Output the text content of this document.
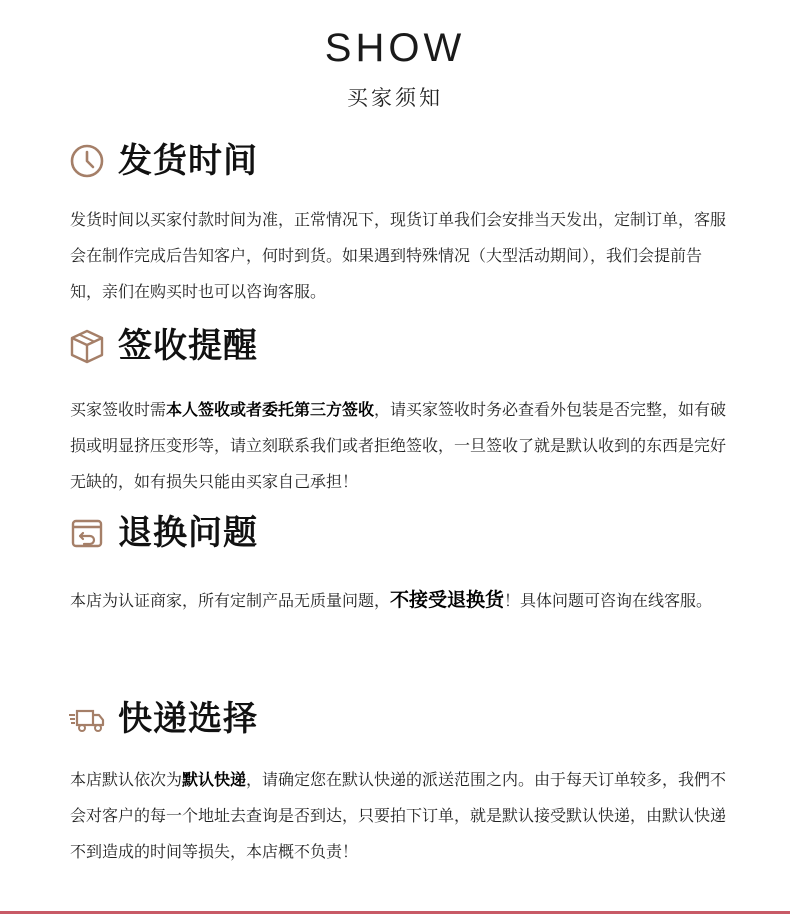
SHOW
买家须知
发货时间

发货时间以买家付款时间为准，正常情况下，现货订单我们会安排当天发出，定制订单，客服会在制作完成后告知客户，何时到货。如果遇到特殊情况（大型活动期间），我们会提前告知，亲们在购买时也可以咨询客服。

签收提醒

买家签收时需本人签收或者委托第三方签收，请买家签收时务必查看外包装是否完整，如有破损或明显挤压变形等，请立刻联系我们或者拒绝签收，一旦签收了就是默认收到的东西是完好无缺的，如有损失只能由买家自己承担！

退换问题

本店为认证商家，所有定制产品无质量问题，不接受退换货！具体问题可咨询在线客服。

快递选择

本店默认依次为默认快递，请确定您在默认快递的派送范围之内。由于每天订单较多，我們不会对客户的每一个地址去查询是否到达，只要拍下订单，就是默认接受默认快递，由默认快递不到造成的时间等损失，本店概不负责！
